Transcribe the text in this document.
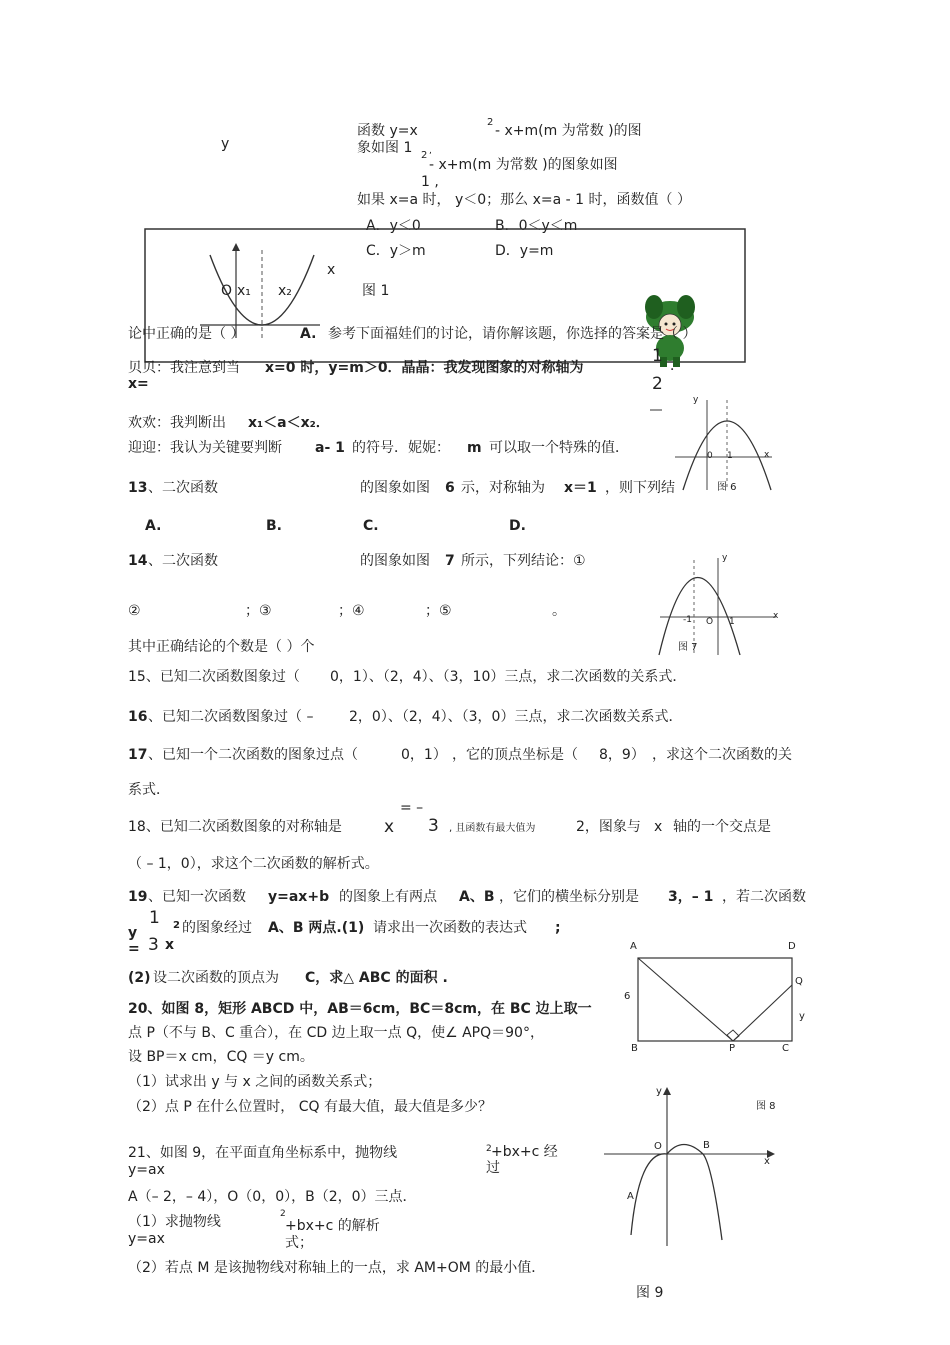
y
函数 y=x
2
- x+m(m 为常数 )的图
象如图 1 2 ,
- x+m(m 为常数 )的图象如图
1 ,
如果 x=a 时， y＜0；那么 x=a - 1 时，函数值（ ）
A．y＜0	B．0＜y＜m
C．y＞m	D．y=m
x
O x₁ x₂	图 1
论中正确的是（ ）	A. 参考下面福娃们的讨论，请你解该题，你选择的答案是（ ）
贝贝：我注意到当 x=0 时，y=m＞0．晶晶：我发现图象的对称轴为
x=
1 ．
2
欢欢：我判断出 x₁＜a＜x₂．
迎迎：我认为关键要判断 a- 1 的符号．妮妮： m 可以取一个特殊的值．
y
x
0 1
图 6
13 、二次函数	的图象如图 6 示，对称轴为 x＝1 ，则下列结
A.	B.	C.	D.
14 、二次函数	的图象如图 7 所示，下列结论：①
②	；③	；④	；⑤	。
其中正确结论的个数是（ ）个
y
x
-1 O 1
图 7
15、已知二次函数图象过（ 0，1）、（2，4）、（3，10）三点，求二次函数的关系式．
16 、已知二次函数图象过（ –	2，0）、（2，4）、（3，0）三点，求二次函数关系式．
17 、已知一个二次函数的图象过点（	0，1） ，它的顶点坐标是（ 8，9） ，求这个二次函数的关
系式．
18、已知二次函数图象的对称轴是 x
= –
3 , 且函数有最大值为	2，图象与 x 轴的一个交点是
（ – 1，0），求这个二次函数的解析式。
19 、已知一次函数 y=ax+b 的图象上有两点 A、B ，它们的横坐标分别是 3，– 1 ，若二次函数
y
=
1
3 x
2 的图象经过 A、B 两点.(1) 请求出一次函数的表达式 ;
(2) 设二次函数的顶点为 C，求△ ABC 的面积 .
20、如图 8，矩形 ABCD 中，AB＝6cm，BC＝8cm，在 BC 边上取一
点 P（不与 B、C 重合），在 CD 边上取一点 Q，使∠ APQ＝90°，
设 BP＝x cm，CQ ＝y cm。
（1）试求出 y 与 x 之间的函数关系式；
（2）点 P 在什么位置时， CQ 有最大值，最大值是多少？
A	D
B	C
P
Q
6
y
图 8
21、如图 9，在平面直角坐标系中，抛物线
y=ax
2 +bx+c 经
过
A（– 2，– 4），O（0，0），B（2，0）三点．
（1）求抛物线
y=ax
2
+bx+c 的解析
式；
（2）若点 M 是该抛物线对称轴上的一点，求 AM+OM 的最小值．
y
x
O	B
A
图 9
